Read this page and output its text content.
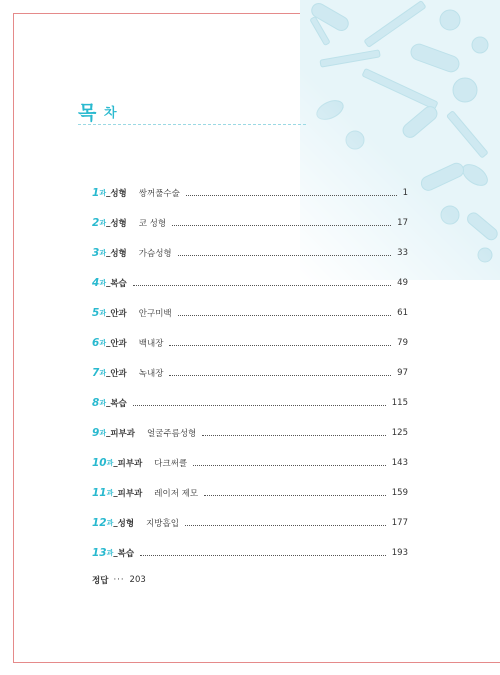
목 차
1 과 _ 성형 쌍꺼풀수술	1
2 과 _ 성형 코 성형	17
3 과 _ 성형 가슴성형	33
4 과 _ 복습	49
5 과 _ 안과 안구미백	61
6 과 _ 안과 백내장	79
7 과 _ 안과 녹내장	97
8 과 _ 복습	115
9 과 _ 피부과 얼굴주름성형	125
10 과 _ 피부과 다크써클	143
11 과 _ 피부과 레이저 제모	159
12 과 _ 성형 지방흡입	177
13 과 _ 복습	193
정답 ··· 203
